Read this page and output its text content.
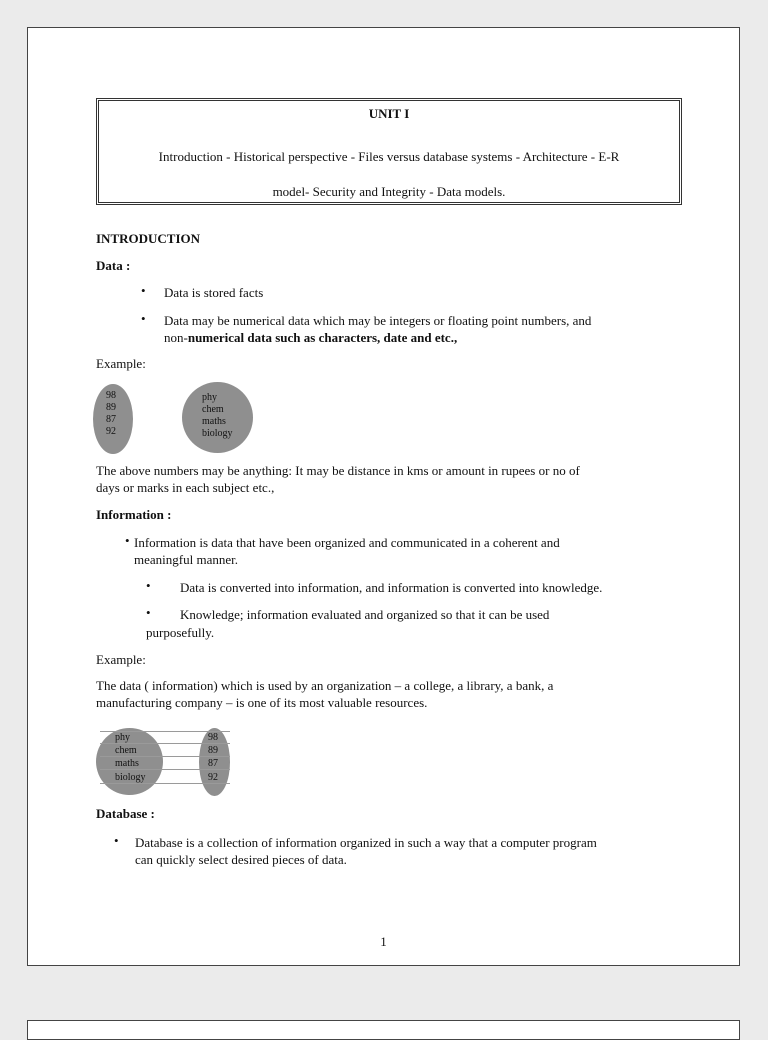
UNIT I
Introduction - Historical perspective - Files versus database systems - Architecture - E-R
model- Security and Integrity - Data models.
INTRODUCTION
Data :
• Data is stored facts
• Data may be numerical data which may be integers or floating point numbers, and
non-numerical data such as characters, date and etc.,
Example:
98
89
87
92
phy
chem
maths
biology
The above numbers may be anything: It may be distance in kms or amount in rupees or no of
days or marks in each subject etc.,
Information :
• Information is data that have been organized and communicated in a coherent and
meaningful manner.
• Data is converted into information, and information is converted into knowledge.
• Knowledge; information evaluated and organized so that it can be used
purposefully.
Example:
The data ( information) which is used by an organization – a college, a library, a bank, a
manufacturing company – is one of its most valuable resources.
phy
chem
maths
biology
98
89
87
92
Database :
• Database is a collection of information organized in such a way that a computer program
can quickly select desired pieces of data.
1
